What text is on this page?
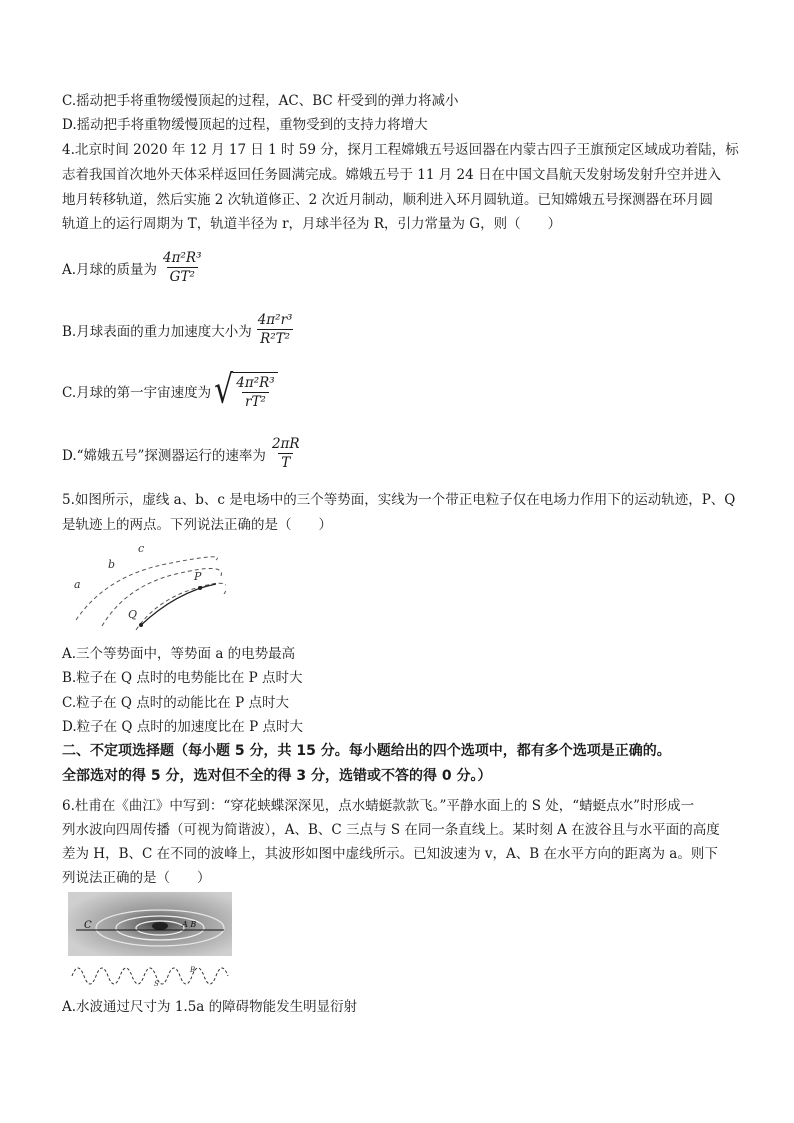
C.摇动把手将重物缓慢顶起的过程，AC、BC 杆受到的弹力将减小
D.摇动把手将重物缓慢顶起的过程，重物受到的支持力将增大
4.北京时间 2020 年 12 月 17 日 1 时 59 分，探月工程嫦娥五号返回器在内蒙古四子王旗预定区域成功着陆，标
志着我国首次地外天体采样返回任务圆满完成。嫦娥五号于 11 月 24 日在中国文昌航天发射场发射升空并进入
地月转移轨道，然后实施 2 次轨道修正、2 次近月制动，顺利进入环月圆轨道。已知嫦娥五号探测器在环月圆
轨道上的运行周期为 T，轨道半径为 r，月球半径为 R，引力常量为 G，则（　　）
A.月球的质量为 $\frac{\text{4π²R³}}{\text{GT²}}$
B.月球表面的重力加速度大小为 $\frac{\text{4π²r³}}{\text{R²T²}}$
C.月球的第一宇宙速度为 √ $\frac{\text{4π²R³}}{\text{rT²}}$
D.“嫦娥五号”探测器运行的速率为 $\frac{2\pi R}{T}$
5.如图所示，虚线 a、b、c 是电场中的三个等势面，实线为一个带正电粒子仅在电场力作用下的运动轨迹，P、Q
是轨迹上的两点。下列说法正确的是（　　）
a
b
c
P
Q
A.三个等势面中，等势面 a 的电势最高
B.粒子在 Q 点时的电势能比在 P 点时大
C.粒子在 Q 点时的动能比在 P 点时大
D.粒子在 Q 点时的加速度比在 P 点时大
二、不定项选择题（每小题 5 分，共 15 分。每小题给出的四个选项中，都有多个选项是正确的。
全部选对的得 5 分，选对但不全的得 3 分，选错或不答的得 0 分。）
6.杜甫在《曲江》中写到：“穿花蛱蝶深深见，点水蜻蜓款款飞。”平静水面上的 S 处，“蜻蜓点水”时形成一
列水波向四周传播（可视为简谐波），A、B、C 三点与 S 在同一条直线上。某时刻 A 在波谷且与水平面的高度
差为 H，B、C 在不同的波峰上，其波形如图中虚线所示。已知波速为 v，A、B 在水平方向的距离为 a。则下
列说法正确的是（　　）
C	A B
S
B
A.水波通过尺寸为 1.5a 的障碍物能发生明显衍射
